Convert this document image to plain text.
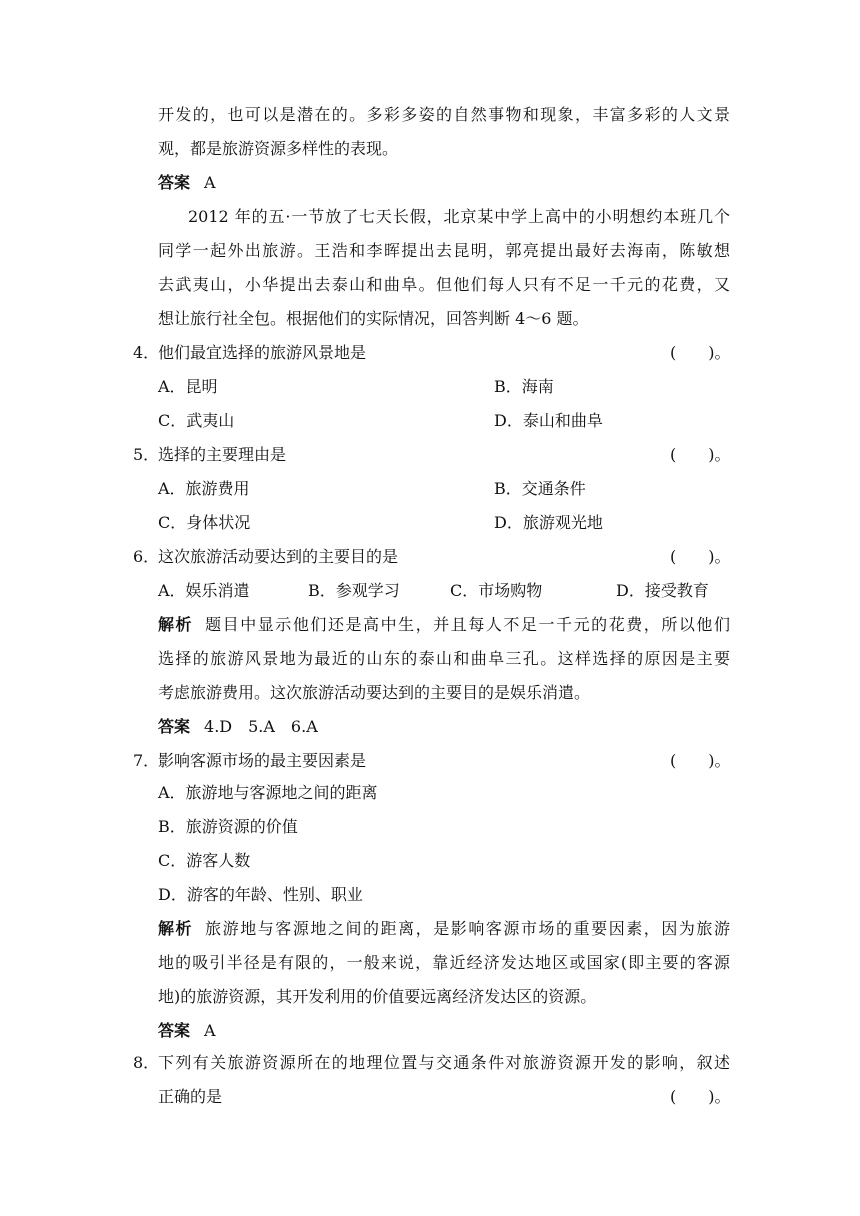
开发的，也可以是潜在的。多彩多姿的自然事物和现象，丰富多彩的人文景
观，都是旅游资源多样性的表现。
答案 A
2012 年的五·一节放了七天长假，北京某中学上高中的小明想约本班几个
同学一起外出旅游。王浩和李晖提出去昆明，郭亮提出最好去海南，陈敏想
去武夷山，小华提出去泰山和曲阜。但他们每人只有不足一千元的花费，又
想让旅行社全包。根据他们的实际情况，回答判断 4～6 题。
4．
他们最宜选择的旅游风景地是	(　　)。
A．昆明	B．海南
C．武夷山	D．泰山和曲阜
5．
选择的主要理由是	(　　)。
A．旅游费用	B．交通条件
C．身体状况	D．旅游观光地
6．
这次旅游活动要达到的主要目的是	(　　)。
A．娱乐消遣	B．参观学习	C．市场购物	D．接受教育
解析 题目中显示他们还是高中生，并且每人不足一千元的花费，所以他们
选择的旅游风景地为最近的山东的泰山和曲阜三孔。这样选择的原因是主要
考虑旅游费用。这次旅游活动要达到的主要目的是娱乐消遣。
答案 4.D　5.A　6.A
7．
影响客源市场的最主要因素是	(　　)。
A．旅游地与客源地之间的距离
B．旅游资源的价值
C．游客人数
D．游客的年龄、性别、职业
解析 旅游地与客源地之间的距离，是影响客源市场的重要因素，因为旅游
地的吸引半径是有限的，一般来说，靠近经济发达地区或国家(即主要的客源
地)的旅游资源，其开发利用的价值要远离经济发达区的资源。
答案 A
8．
下列有关旅游资源所在的地理位置与交通条件对旅游资源开发的影响，叙述
正确的是	(　　)。
